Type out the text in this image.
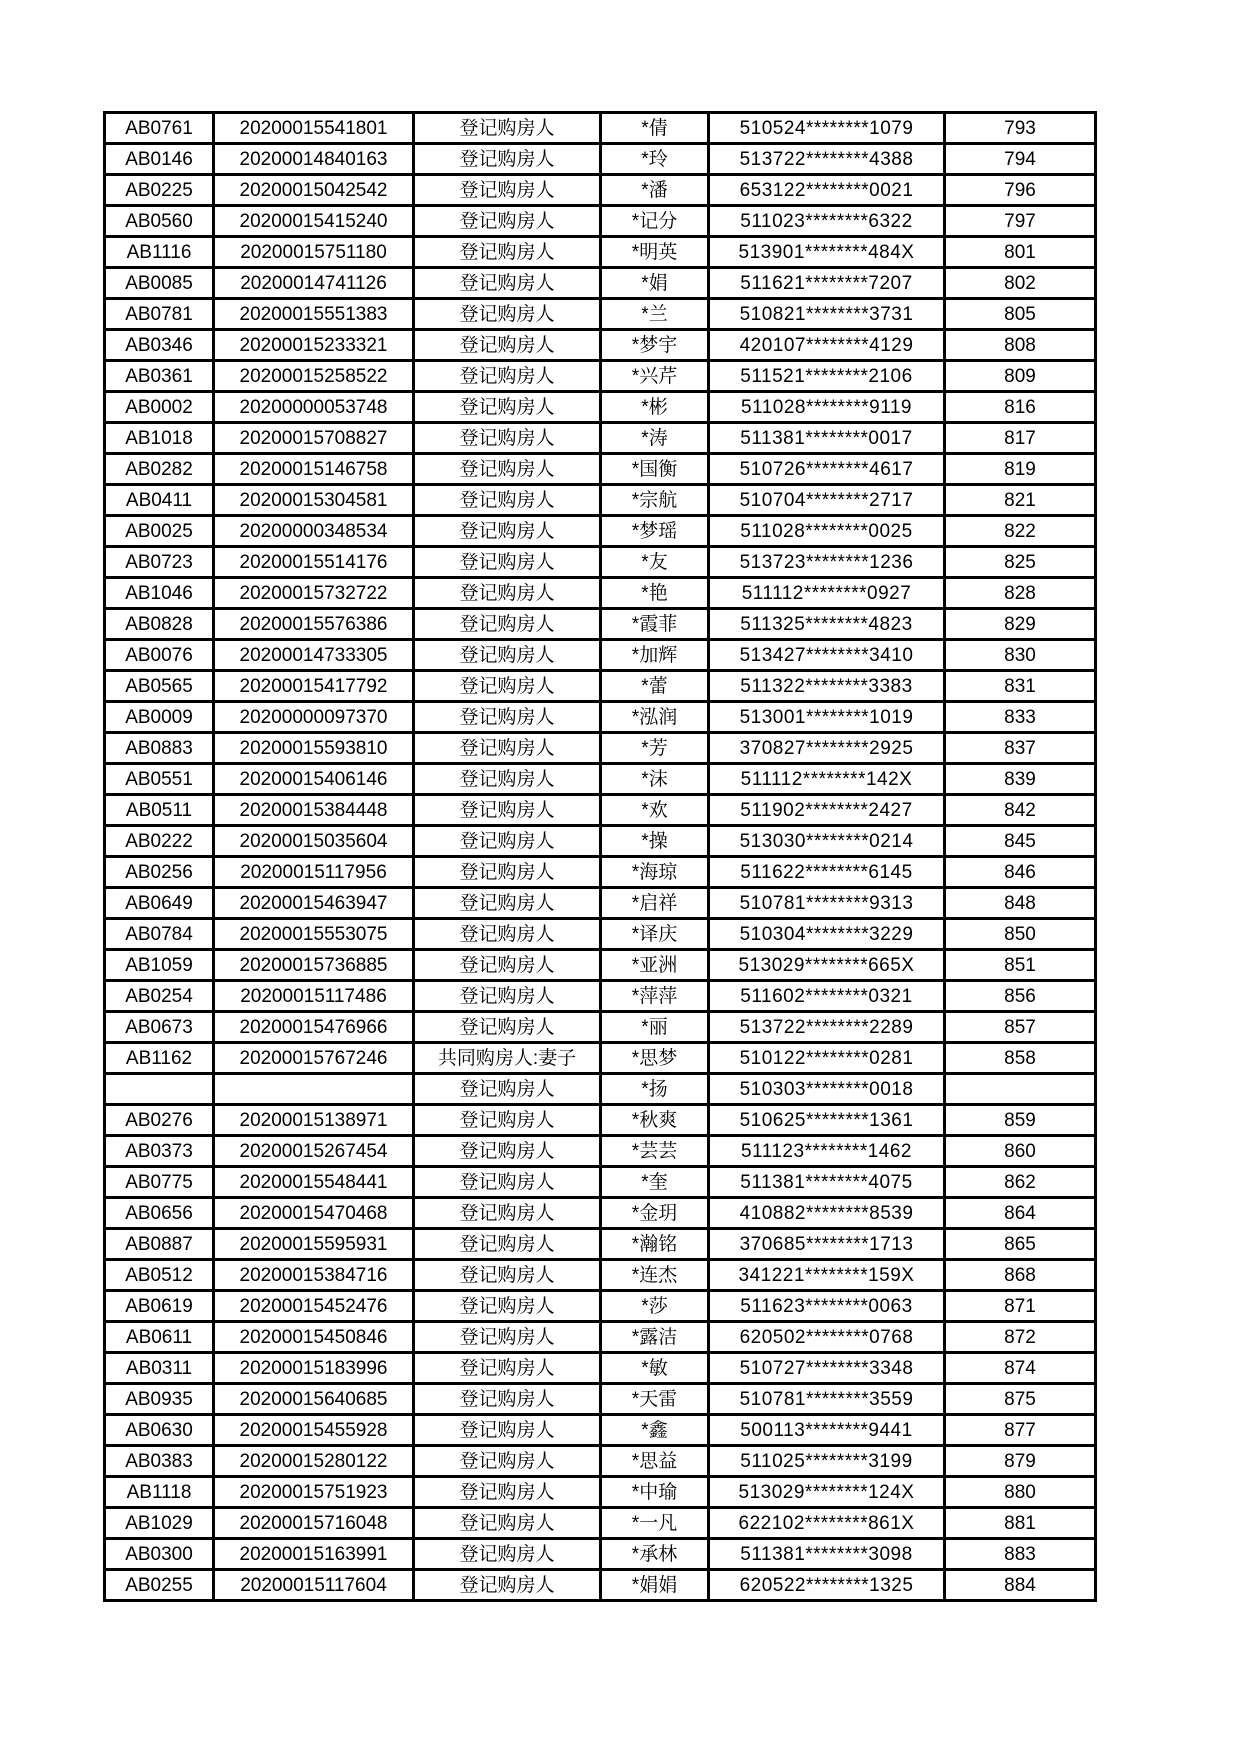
AB0761	20200015541801	登记购房人	*倩	510524********1079	793
AB0146	20200014840163	登记购房人	*玲	513722********4388	794
AB0225	20200015042542	登记购房人	*潘	653122********0021	796
AB0560	20200015415240	登记购房人	*记分	511023********6322	797
AB1116	20200015751180	登记购房人	*明英	513901********484X	801
AB0085	20200014741126	登记购房人	*娟	511621********7207	802
AB0781	20200015551383	登记购房人	*兰	510821********3731	805
AB0346	20200015233321	登记购房人	*梦宇	420107********4129	808
AB0361	20200015258522	登记购房人	*兴芹	511521********2106	809
AB0002	20200000053748	登记购房人	*彬	511028********9119	816
AB1018	20200015708827	登记购房人	*涛	511381********0017	817
AB0282	20200015146758	登记购房人	*国衡	510726********4617	819
AB0411	20200015304581	登记购房人	*宗航	510704********2717	821
AB0025	20200000348534	登记购房人	*梦瑶	511028********0025	822
AB0723	20200015514176	登记购房人	*友	513723********1236	825
AB1046	20200015732722	登记购房人	*艳	511112********0927	828
AB0828	20200015576386	登记购房人	*霞菲	511325********4823	829
AB0076	20200014733305	登记购房人	*加辉	513427********3410	830
AB0565	20200015417792	登记购房人	*蕾	511322********3383	831
AB0009	20200000097370	登记购房人	*泓润	513001********1019	833
AB0883	20200015593810	登记购房人	*芳	370827********2925	837
AB0551	20200015406146	登记购房人	*沫	511112********142X	839
AB0511	20200015384448	登记购房人	*欢	511902********2427	842
AB0222	20200015035604	登记购房人	*操	513030********0214	845
AB0256	20200015117956	登记购房人	*海琼	511622********6145	846
AB0649	20200015463947	登记购房人	*启祥	510781********9313	848
AB0784	20200015553075	登记购房人	*译庆	510304********3229	850
AB1059	20200015736885	登记购房人	*亚洲	513029********665X	851
AB0254	20200015117486	登记购房人	*萍萍	511602********0321	856
AB0673	20200015476966	登记购房人	*丽	513722********2289	857
AB1162	20200015767246	共同购房人:妻子	*思梦	510122********0281	858
		登记购房人	*扬	510303********0018	
AB0276	20200015138971	登记购房人	*秋爽	510625********1361	859
AB0373	20200015267454	登记购房人	*芸芸	511123********1462	860
AB0775	20200015548441	登记购房人	*奎	511381********4075	862
AB0656	20200015470468	登记购房人	*金玥	410882********8539	864
AB0887	20200015595931	登记购房人	*瀚铭	370685********1713	865
AB0512	20200015384716	登记购房人	*连杰	341221********159X	868
AB0619	20200015452476	登记购房人	*莎	511623********0063	871
AB0611	20200015450846	登记购房人	*露洁	620502********0768	872
AB0311	20200015183996	登记购房人	*敏	510727********3348	874
AB0935	20200015640685	登记购房人	*天雷	510781********3559	875
AB0630	20200015455928	登记购房人	*鑫	500113********9441	877
AB0383	20200015280122	登记购房人	*思益	511025********3199	879
AB1118	20200015751923	登记购房人	*中瑜	513029********124X	880
AB1029	20200015716048	登记购房人	*一凡	622102********861X	881
AB0300	20200015163991	登记购房人	*承林	511381********3098	883
AB0255	20200015117604	登记购房人	*娟娟	620522********1325	884
